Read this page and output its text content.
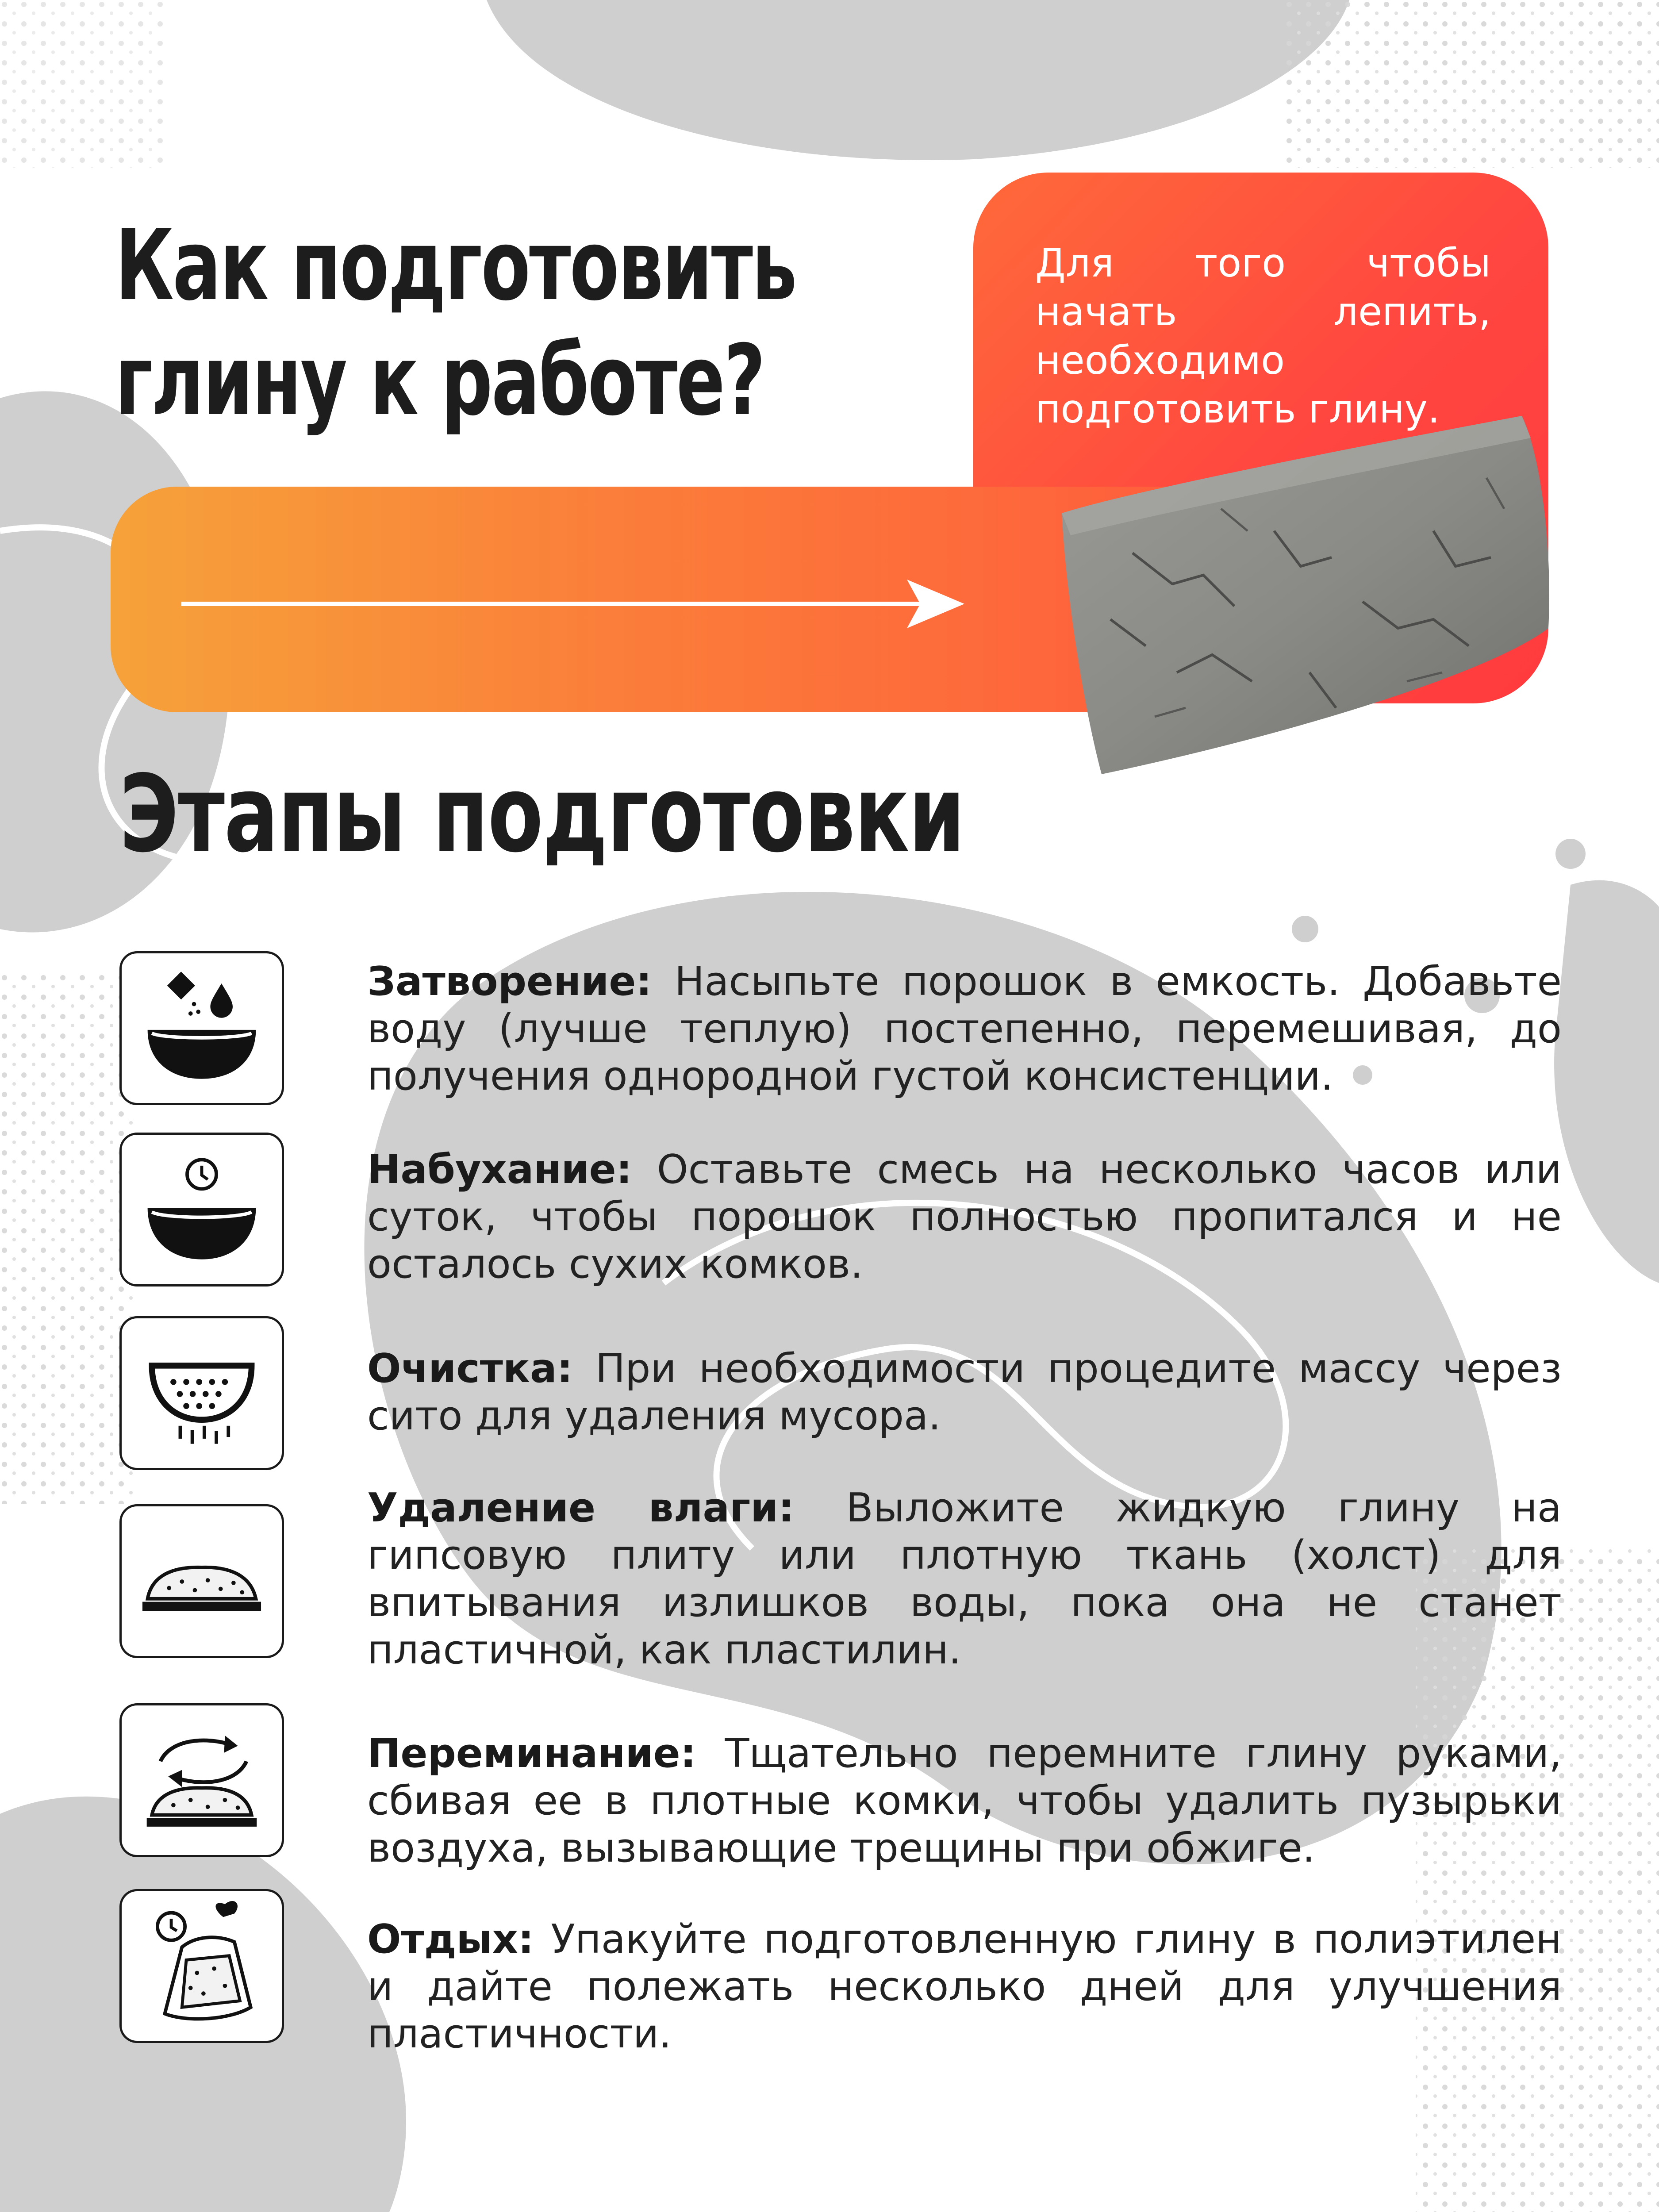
Как подготовить
глину к работе?
Для того чтобы начать лепить, необходимо подготовить глину.
Этапы подготовки
Затворение: Насыпьте порошок в емкость. Добавьте воду (лучше теплую) постепенно, перемешивая, до получения однородной густой консистенции.
Набухание: Оставьте смесь на несколько часов или суток, чтобы порошок полностью пропитался и не осталось сухих комков.
Очистка: При необходимости процедите массу через сито для удаления мусора.
Удаление влаги: Выложите жидкую глину на гипсовую плиту или плотную ткань (холст) для впитывания излишков воды, пока она не станет пластичной, как пластилин.
Переминание: Тщательно перемните глину руками, сбивая ее в плотные комки, чтобы удалить пузырьки воздуха, вызывающие трещины при обжиге.
Отдых: Упакуйте подготовленную глину в полиэтилен и дайте полежать несколько дней для улучшения пластичности.
